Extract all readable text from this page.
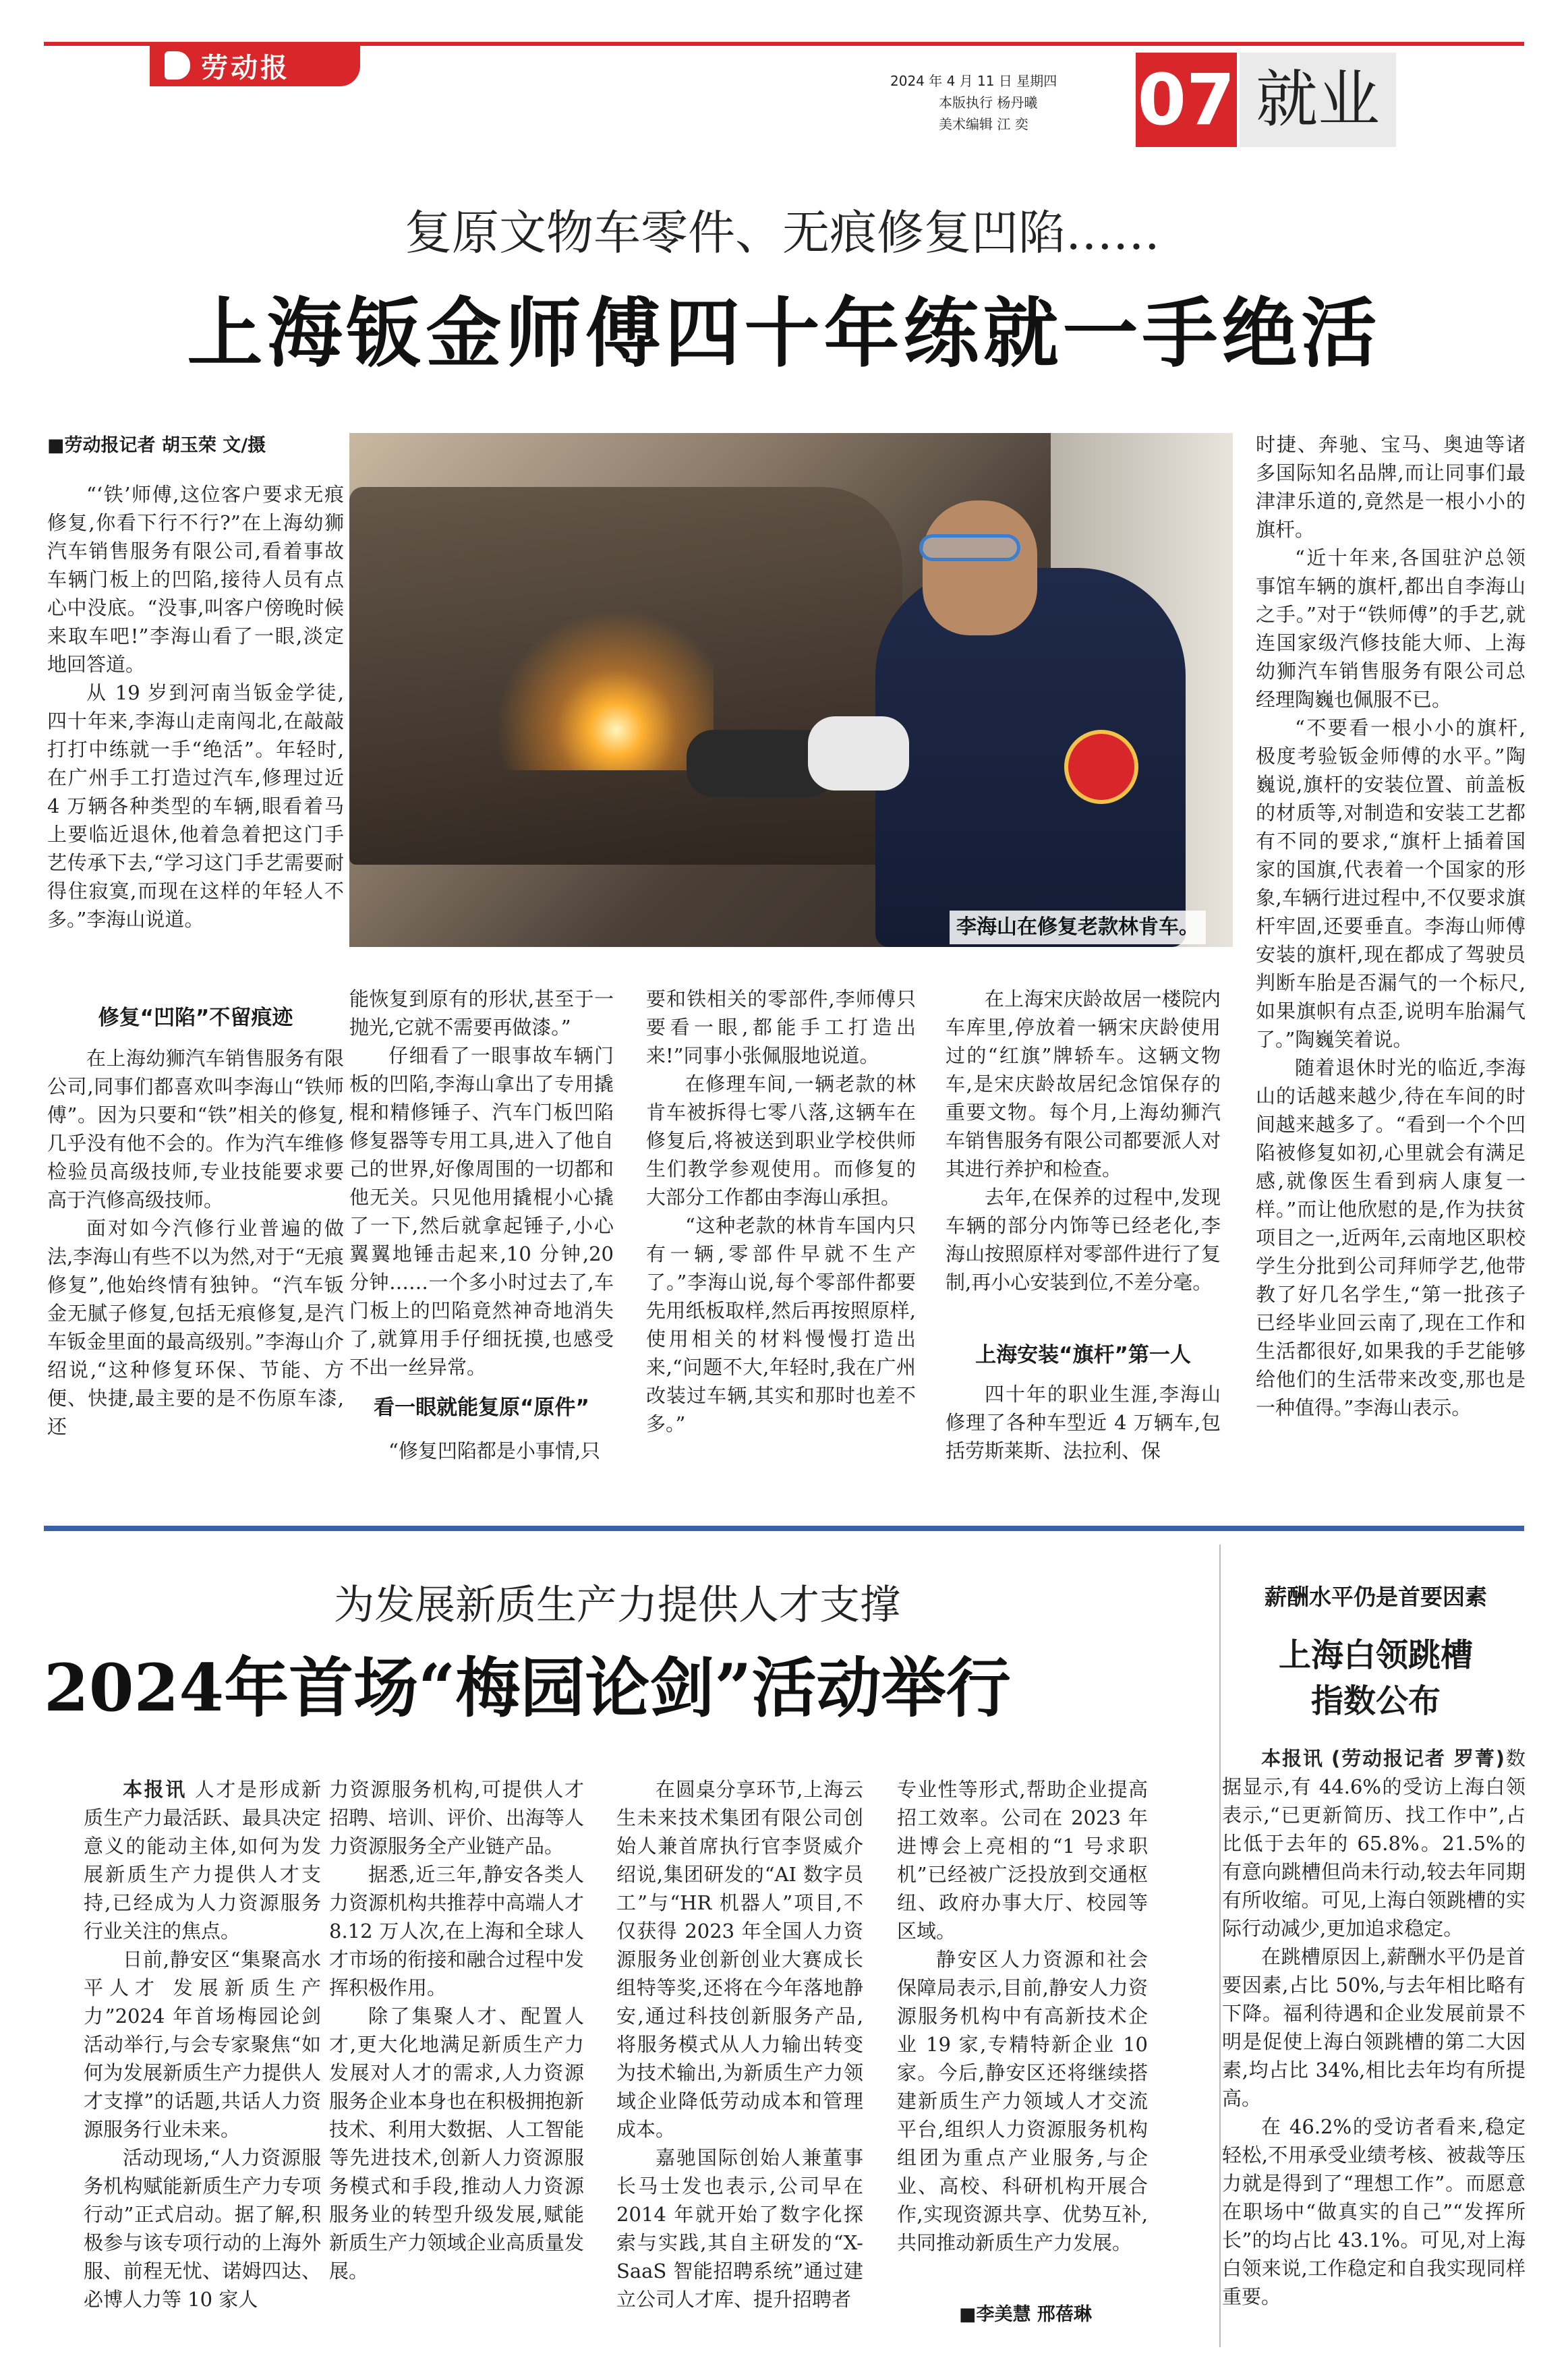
劳动报	2024 年 4 月 11 日 星期四
本版执行 杨丹曦
美术编辑 江 奕	07 就业
复原文物车零件、无痕修复凹陷……
上海钣金师傅四十年练就一手绝活
■劳动报记者 胡玉荣 文/摄

“‘铁’师傅,这位客户要求无痕修复,你看下行不行?”在上海幼狮汽车销售服务有限公司,看着事故车辆门板上的凹陷,接待人员有点心中没底。“没事,叫客户傍晚时候来取车吧!”李海山看了一眼,淡定地回答道。

从 19 岁到河南当钣金学徒,四十年来,李海山走南闯北,在敲敲打打中练就一手“绝活”。年轻时,在广州手工打造过汽车,修理过近 4 万辆各种类型的车辆,眼看着马上要临近退休,他着急着把这门手艺传承下去,“学习这门手艺需要耐得住寂寞,而现在这样的年轻人不多。”李海山说道。	李海山在修复老款林肯车。
修复“凹陷”不留痕迹

在上海幼狮汽车销售服务有限公司,同事们都喜欢叫李海山“铁师傅”。因为只要和“铁”相关的修复,几乎没有他不会的。作为汽车维修检验员高级技师,专业技能要求要高于汽修高级技师。

面对如今汽修行业普遍的做法,李海山有些不以为然,对于“无痕修复”,他始终情有独钟。“汽车钣金无腻子修复,包括无痕修复,是汽车钣金里面的最高级别。”李海山介绍说,“这种修复环保、节能、方便、快捷,最主要的是不伤原车漆,还

能恢复到原有的形状,甚至于一抛光,它就不需要再做漆。”

仔细看了一眼事故车辆门板的凹陷,李海山拿出了专用撬棍和精修锤子、汽车门板凹陷修复器等专用工具,进入了他自己的世界,好像周围的一切都和他无关。只见他用撬棍小心撬了一下,然后就拿起锤子,小心翼翼地锤击起来,10 分钟,20 分钟……一个多小时过去了,车门板上的凹陷竟然神奇地消失了,就算用手仔细抚摸,也感受不出一丝异常。

看一眼就能复原“原件”

“修复凹陷都是小事情,只

要和铁相关的零部件,李师傅只要看一眼,都能手工打造出来!”同事小张佩服地说道。

在修理车间,一辆老款的林肯车被拆得七零八落,这辆车在修复后,将被送到职业学校供师生们教学参观使用。而修复的大部分工作都由李海山承担。

“这种老款的林肯车国内只有一辆,零部件早就不生产了。”李海山说,每个零部件都要先用纸板取样,然后再按照原样,使用相关的材料慢慢打造出来,“问题不大,年轻时,我在广州改装过车辆,其实和那时也差不多。”

在上海宋庆龄故居一楼院内车库里,停放着一辆宋庆龄使用过的“红旗”牌轿车。这辆文物车,是宋庆龄故居纪念馆保存的重要文物。每个月,上海幼狮汽车销售服务有限公司都要派人对其进行养护和检查。

去年,在保养的过程中,发现车辆的部分内饰等已经老化,李海山按照原样对零部件进行了复制,再小心安装到位,不差分毫。

上海安装“旗杆”第一人

四十年的职业生涯,李海山修理了各种车型近 4 万辆车,包括劳斯莱斯、法拉利、保

时捷、奔驰、宝马、奥迪等诸多国际知名品牌,而让同事们最津津乐道的,竟然是一根小小的旗杆。

“近十年来,各国驻沪总领事馆车辆的旗杆,都出自李海山之手。”对于“铁师傅”的手艺,就连国家级汽修技能大师、上海幼狮汽车销售服务有限公司总经理陶巍也佩服不已。

“不要看一根小小的旗杆,极度考验钣金师傅的水平。”陶巍说,旗杆的安装位置、前盖板的材质等,对制造和安装工艺都有不同的要求,“旗杆上插着国家的国旗,代表着一个国家的形象,车辆行进过程中,不仅要求旗杆牢固,还要垂直。李海山师傅安装的旗杆,现在都成了驾驶员判断车胎是否漏气的一个标尺,如果旗帜有点歪,说明车胎漏气了。”陶巍笑着说。

随着退休时光的临近,李海山的话越来越少,待在车间的时间越来越多了。“看到一个个凹陷被修复如初,心里就会有满足感,就像医生看到病人康复一样。”而让他欣慰的是,作为扶贫项目之一,近两年,云南地区职校学生分批到公司拜师学艺,他带教了好几名学生,“第一批孩子已经毕业回云南了,现在工作和生活都很好,如果我的手艺能够给他们的生活带来改变,那也是一种值得。”李海山表示。

为发展新质生产力提供人才支撑
2024年首场“梅园论剑”活动举行

本报讯 人才是形成新质生产力最活跃、最具决定意义的能动主体,如何为发展新质生产力提供人才支持,已经成为人力资源服务行业关注的焦点。

日前,静安区“集聚高水平人才 发展新质生产力”2024 年首场梅园论剑活动举行,与会专家聚焦“如何为发展新质生产力提供人才支撑”的话题,共话人力资源服务行业未来。

活动现场,“人力资源服务机构赋能新质生产力专项行动”正式启动。据了解,积极参与该专项行动的上海外服、前程无忧、诺姆四达、必博人力等 10 家人

力资源服务机构,可提供人才招聘、培训、评价、出海等人力资源服务全产业链产品。

据悉,近三年,静安各类人力资源机构共推荐中高端人才 8.12 万人次,在上海和全球人才市场的衔接和融合过程中发挥积极作用。

除了集聚人才、配置人才,更大化地满足新质生产力发展对人才的需求,人力资源服务企业本身也在积极拥抱新技术、利用大数据、人工智能等先进技术,创新人力资源服务模式和手段,推动人力资源服务业的转型升级发展,赋能新质生产力领域企业高质量发展。

在圆桌分享环节,上海云生未来技术集团有限公司创始人兼首席执行官李贤威介绍说,集团研发的“AI 数字员工”与“HR 机器人”项目,不仅获得 2023 年全国人力资源服务业创新创业大赛成长组特等奖,还将在今年落地静安,通过科技创新服务产品,将服务模式从人力输出转变为技术输出,为新质生产力领域企业降低劳动成本和管理成本。

嘉驰国际创始人兼董事长马士发也表示,公司早在 2014 年就开始了数字化探索与实践,其自主研发的“X-SaaS 智能招聘系统”通过建立公司人才库、提升招聘者

专业性等形式,帮助企业提高招工效率。公司在 2023 年进博会上亮相的“1 号求职机”已经被广泛投放到交通枢纽、政府办事大厅、校园等区域。

静安区人力资源和社会保障局表示,目前,静安人力资源服务机构中有高新技术企业 19 家,专精特新企业 10 家。今后,静安区还将继续搭建新质生产力领域人才交流平台,组织人力资源服务机构组团为重点产业服务,与企业、高校、科研机构开展合作,实现资源共享、优势互补,共同推动新质生产力发展。

■李美慧 邢蓓琳
薪酬水平仍是首要因素
上海白领跳槽
指数公布

本报讯 (劳动报记者 罗菁)数据显示,有 44.6%的受访上海白领表示,“已更新简历、找工作中”,占比低于去年的 65.8%。21.5%的有意向跳槽但尚未行动,较去年同期有所收缩。可见,上海白领跳槽的实际行动减少,更加追求稳定。

在跳槽原因上,薪酬水平仍是首要因素,占比 50%,与去年相比略有下降。福利待遇和企业发展前景不明是促使上海白领跳槽的第二大因素,均占比 34%,相比去年均有所提高。

在 46.2%的受访者看来,稳定轻松,不用承受业绩考核、被裁等压力就是得到了“理想工作”。而愿意在职场中“做真实的自己”“发挥所长”的均占比 43.1%。可见,对上海白领来说,工作稳定和自我实现同样重要。
